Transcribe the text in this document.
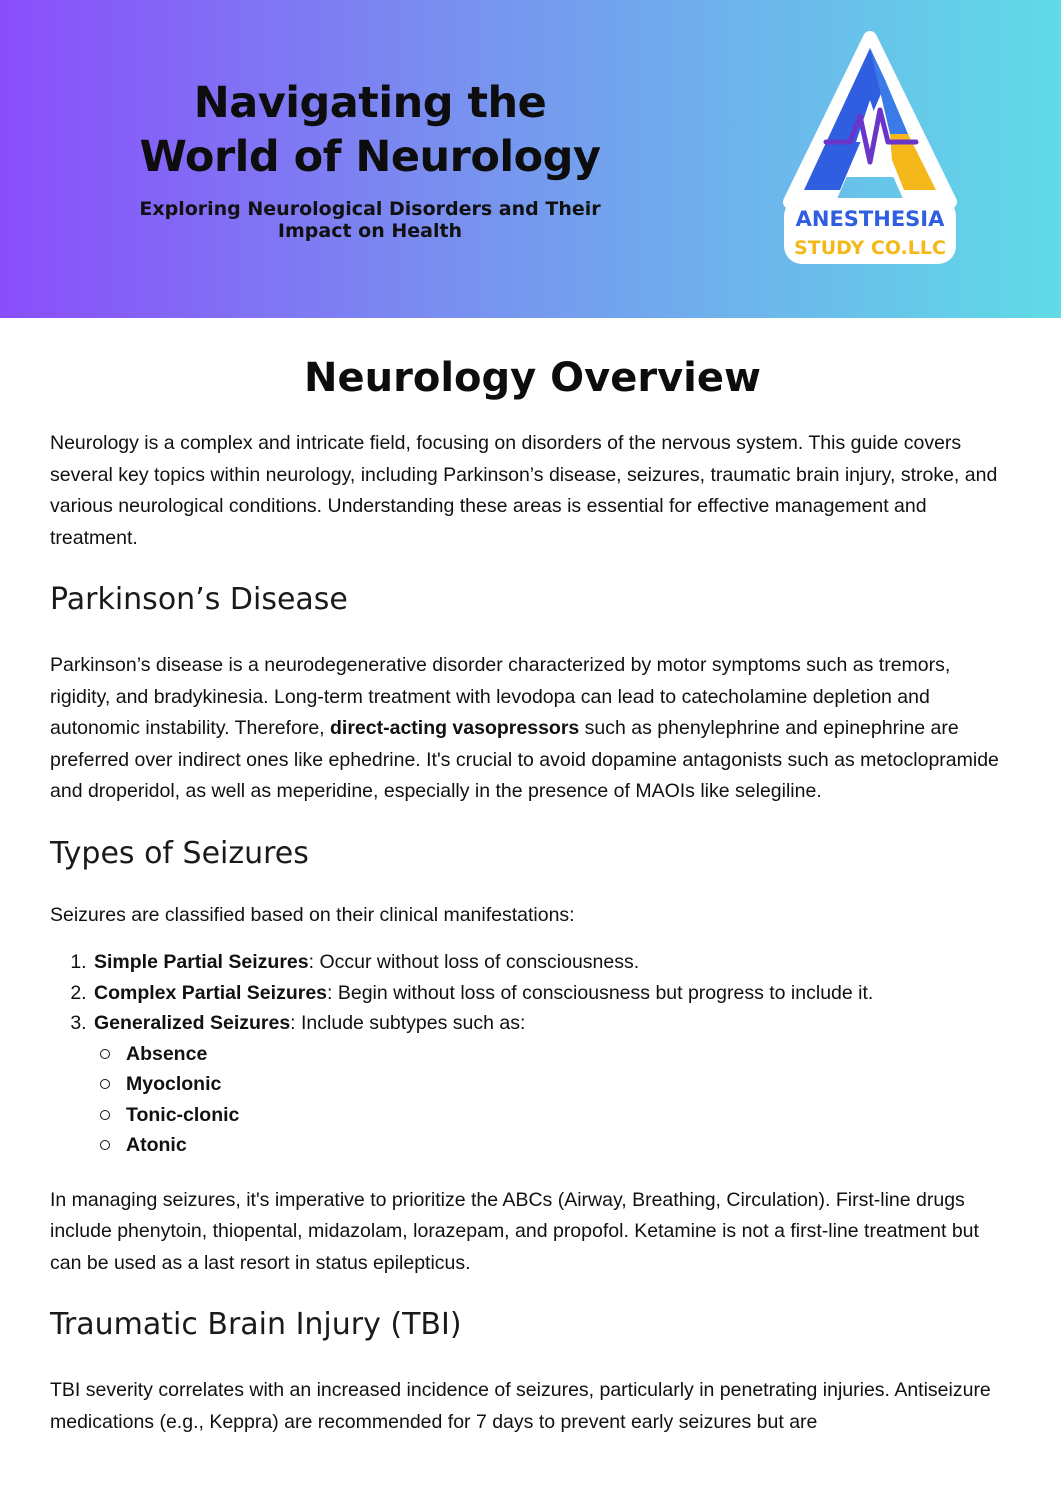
Navigating the
World of Neurology
Exploring Neurological Disorders and Their
Impact on Health	ANESTHESIA
STUDY CO.LLC
Neurology Overview

Neurology is a complex and intricate field, focusing on disorders of the nervous system. This guide covers several key topics within neurology, including Parkinson’s disease, seizures, traumatic brain injury, stroke, and various neurological conditions. Understanding these areas is essential for effective management and treatment.

Parkinson’s Disease

Parkinson’s disease is a neurodegenerative disorder characterized by motor symptoms such as tremors, rigidity, and bradykinesia. Long-term treatment with levodopa can lead to catecholamine depletion and autonomic instability. Therefore, direct-acting vasopressors such as phenylephrine and epinephrine are preferred over indirect ones like ephedrine. It's crucial to avoid dopamine antagonists such as metoclopramide and droperidol, as well as meperidine, especially in the presence of MAOIs like selegiline.

Types of Seizures

Seizures are classified based on their clinical manifestations:

1. Simple Partial Seizures: Occur without loss of consciousness.
2. Complex Partial Seizures: Begin without loss of consciousness but progress to include it.
3. Generalized Seizures: Include subtypes such as:
Absence
Myoclonic
Tonic-clonic
Atonic

In managing seizures, it's imperative to prioritize the ABCs (Airway, Breathing, Circulation). First-line drugs include phenytoin, thiopental, midazolam, lorazepam, and propofol. Ketamine is not a first-line treatment but can be used as a last resort in status epilepticus.

Traumatic Brain Injury (TBI)

TBI severity correlates with an increased incidence of seizures, particularly in penetrating injuries. Antiseizure medications (e.g., Keppra) are recommended for 7 days to prevent early seizures but are
